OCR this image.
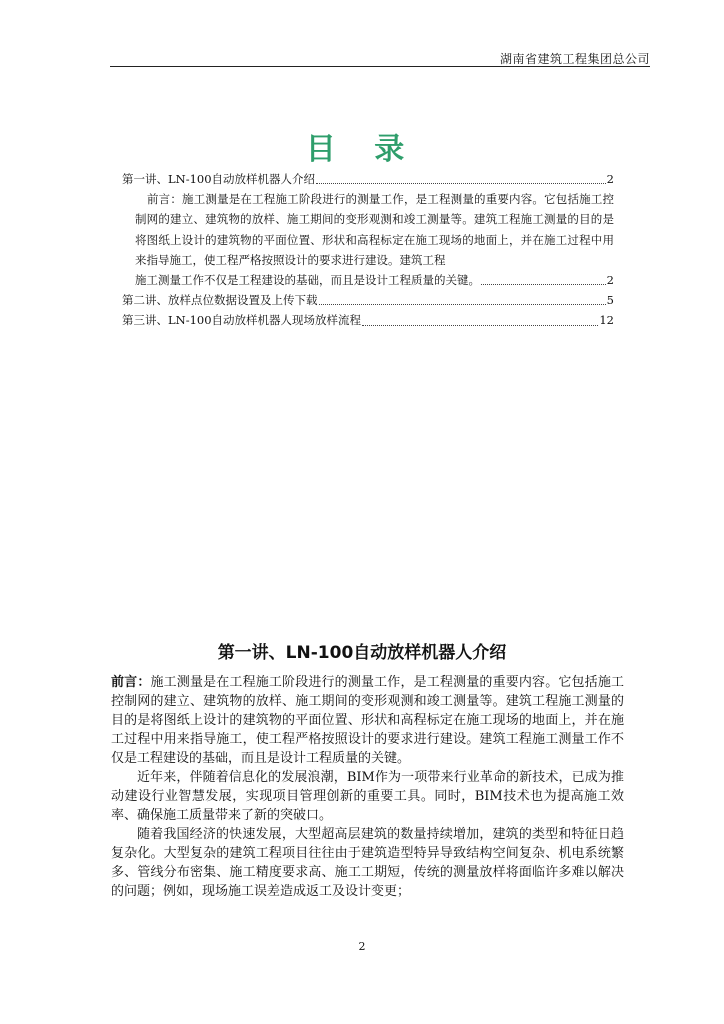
湖南省建筑工程集团总公司
目 录
第一讲、LN-100自动放样机器人介绍	2
前言：施工测量是在工程施工阶段进行的测量工作，是工程测量的重要内容。它包括施工控制网的建立、建筑物的放样、施工期间的变形观测和竣工测量等。建筑工程施工测量的目的是将图纸上设计的建筑物的平面位置、形状和高程标定在施工现场的地面上，并在施工过程中用来指导施工，使工程严格按照设计的要求进行建设。建筑工程
施工测量工作不仅是工程建设的基础，而且是设计工程质量的关键。	2
第二讲、放样点位数据设置及上传下载	5
第三讲、LN-100自动放样机器人现场放样流程	12
第一讲、LN-100自动放样机器人介绍

前言：施工测量是在工程施工阶段进行的测量工作，是工程测量的重要内容。它包括施工控制网的建立、建筑物的放样、施工期间的变形观测和竣工测量等。建筑工程施工测量的目的是将图纸上设计的建筑物的平面位置、形状和高程标定在施工现场的地面上，并在施工过程中用来指导施工，使工程严格按照设计的要求进行建设。建筑工程施工测量工作不仅是工程建设的基础，而且是设计工程质量的关键。

近年来，伴随着信息化的发展浪潮，BIM作为一项带来行业革命的新技术，已成为推动建设行业智慧发展，实现项目管理创新的重要工具。同时，BIM技术也为提高施工效率、确保施工质量带来了新的突破口。

随着我国经济的快速发展，大型超高层建筑的数量持续增加，建筑的类型和特征日趋复杂化。大型复杂的建筑工程项目往往由于建筑造型特异导致结构空间复杂、机电系统繁多、管线分布密集、施工精度要求高、施工工期短，传统的测量放样将面临许多难以解决的问题；例如，现场施工误差造成返工及设计变更；

2
